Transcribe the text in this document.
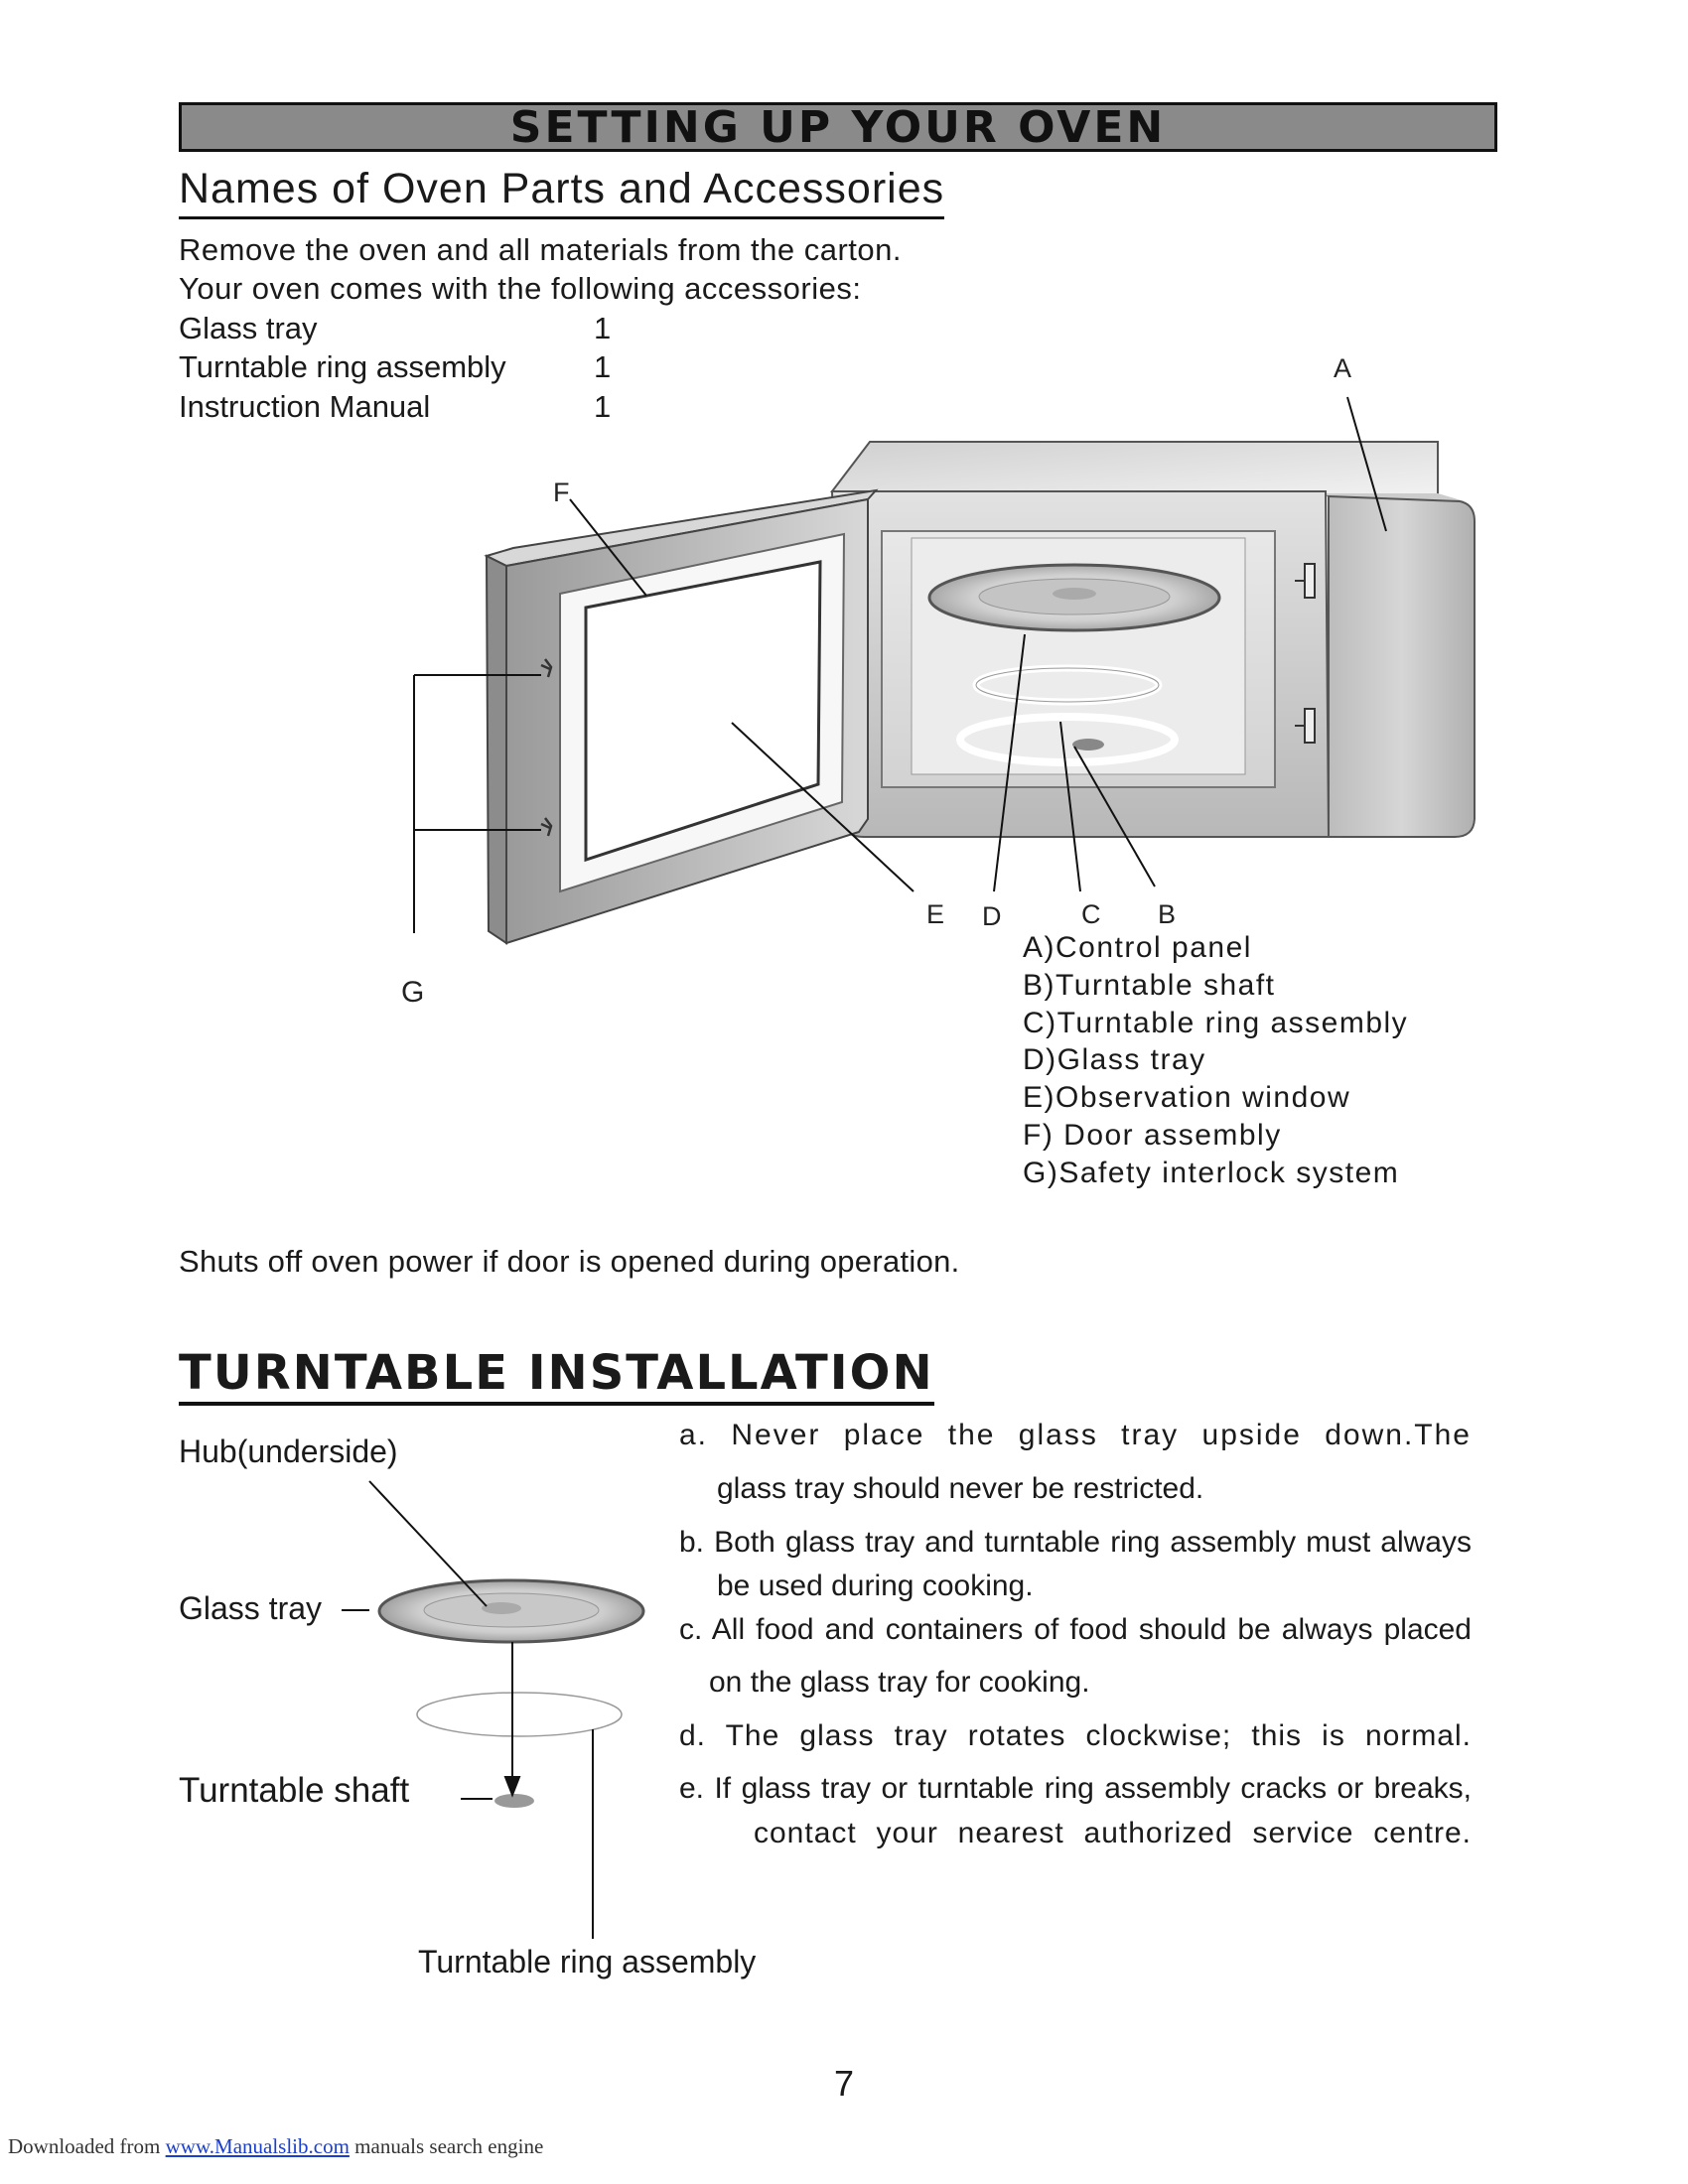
SETTING UP YOUR OVEN
Names of Oven Parts and Accessories
Remove the oven and all materials from the carton.
Your oven comes with the following accessories:
Glass tray	1
Turntable ring assembly	1
Instruction Manual	1
A
F
E D	C B
G
A)Control panel
B)Turntable shaft
C)Turntable ring assembly
D)Glass tray
E)Observation window
F) Door assembly
G)Safety interlock system
Shuts off oven power if door is opened during operation.
TURNTABLE INSTALLATION
Hub(underside)
Glass tray
Turntable shaft
Turntable ring assembly
a. Never place the glass tray upside down.The
glass tray should never be restricted.
b. Both glass tray and turntable ring assembly must always
be used during cooking.
c. All food and containers of food should be always placed
on the glass tray for cooking.
d. The glass tray rotates clockwise; this is normal.
e. If glass tray or turntable ring assembly cracks or breaks,
contact your nearest authorized service centre.
7
Downloaded from www.Manualslib.com manuals search engine
